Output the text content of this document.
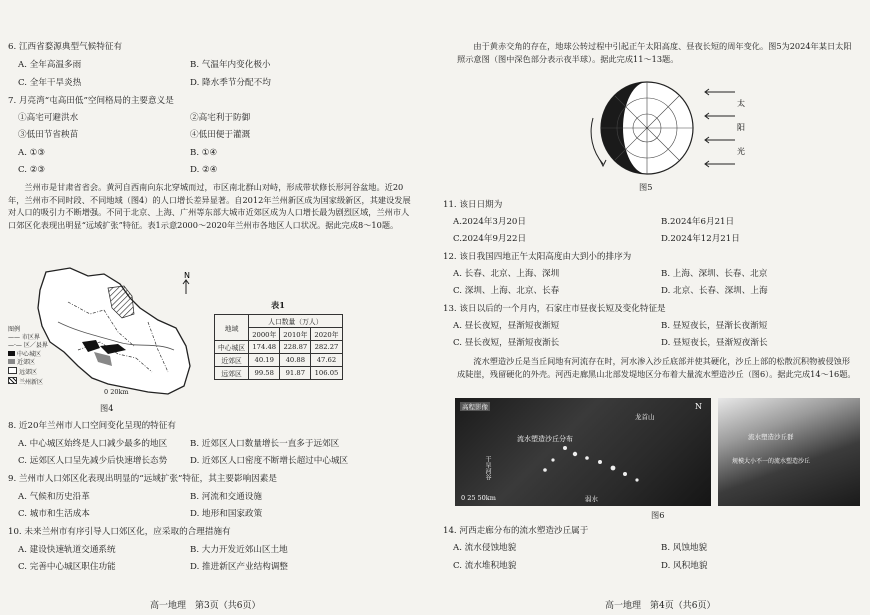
6. 江西省婺源典型气候特征有
A. 全年高温多雨	B. 气温年内变化极小
C. 全年干旱炎热	D. 降水季节分配不均
7. 月亮湾“屯高田低”空间格局的主要意义是
①高宅可避洪水	②高宅利于防御
③低田节省秧苗	④低田便于灌溉
A. ①③	B. ①④
C. ②③	D. ②④
兰州市是甘肃省省会。黄河自西南向东北穿城而过，市区南北群山对峙，形成带状修长形河谷盆地。近20年，兰州市不同时段、不同地域（图4）的人口增长差异显著。自2012年兰州新区成为国家级新区，其建设发展对人口的吸引力不断增强。不同于北京、上海、广州等东部大城市近郊区成为人口增长最为剧烈区域，兰州市人口郊区化表现出明显“远域扩张”特征。表1示意2000～2020年兰州市各地区人口状况。据此完成8～10题。
N
图例
—— 市区界
—·— 区／县界
中心城区
近郊区
远郊区
兰州新区
0 20km
图4
表1
地域	人口数量（万人）		
	2000年	2010年	2020年
中心城区	174.48	228.87	282.27
近郊区	40.19	40.88	47.62
远郊区	99.58	91.87	106.05
8. 近20年兰州市人口空间变化呈现的特征有
A. 中心城区始终是人口减少最多的地区	B. 近郊区人口数量增长一直多于远郊区
C. 远郊区人口呈先减少后快速增长态势	D. 近郊区人口密度不断增长超过中心城区
9. 兰州市人口郊区化表现出明显的“远域扩张”特征，其主要影响因素是
A. 气候和历史沿革	B. 河流和交通设施
C. 城市和生活成本	D. 地形和国家政策
10. 未来兰州市有序引导人口郊区化，应采取的合理措施有
A. 建设快速轨道交通系统	B. 大力开发近郊山区土地
C. 完善中心城区职住功能	D. 推进新区产业结构调整
高一地理　第3页（共6页）
由于黄赤交角的存在，地球公转过程中引起正午太阳高度、昼夜长短的周年变化。图5为2024年某日太阳照示意图（图中深色部分表示夜半球）。据此完成11～13题。
太
阳
光
图5
11. 该日日期为
A.2024年3月20日	B.2024年6月21日
C.2024年9月22日	D.2024年12月21日
12. 该日我国四地正午太阳高度由大到小的排序为
A. 长春、北京、上海、深圳	B. 上海、深圳、长春、北京
C. 深圳、上海、北京、长春	D. 北京、长春、深圳、上海
13. 该日以后的一个月内，石家庄市昼夜长短及变化特征是
A. 昼长夜短，昼渐短夜渐短	B. 昼短夜长，昼渐长夜渐短
C. 昼长夜短，昼渐短夜渐长	D. 昼短夜长，昼渐短夜渐长
流水塑造沙丘是当丘间地有河流存在时，河水渗入沙丘底部并使其硬化，沙丘上部的松散沉积物被侵蚀形成陡崖，残留硬化的外壳。河西走廊黑山北部发堤地区分布着大量流水塑造沙丘（图6）。据此完成14～16题。
高程影像
龙首山
N
流水塑造沙丘分布
干旱河谷
弱水
0 25 50km
流水塑造沙丘群
规模大小不一的流水塑造沙丘
图6
14. 河西走廊分布的流水塑造沙丘属于
A. 流水侵蚀地貌	B. 风蚀地貌
C. 流水堆积地貌	D. 风积地貌
高一地理　第4页（共6页）
